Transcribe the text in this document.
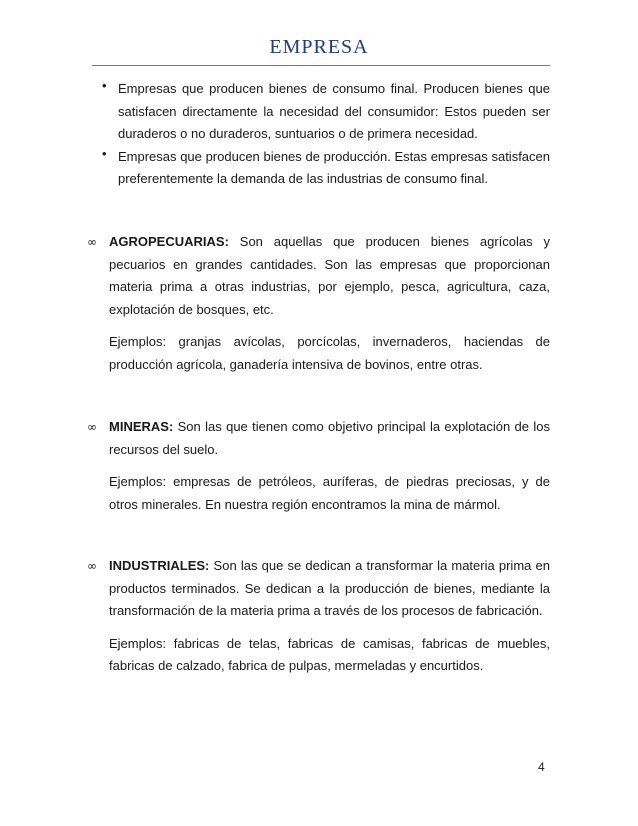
EMPRESA
• Empresas que producen bienes de consumo final. Producen bienes que satisfacen directamente la necesidad del consumidor: Estos pueden ser duraderos o no duraderos, suntuarios o de primera necesidad.
• Empresas que producen bienes de producción. Estas empresas satisfacen preferentemente la demanda de las industrias de consumo final.
∞ AGROPECUARIAS: Son aquellas que producen bienes agrícolas y pecuarios en grandes cantidades. Son las empresas que proporcionan materia prima a otras industrias, por ejemplo, pesca, agricultura, caza, explotación de bosques, etc.
Ejemplos: granjas avícolas, porcícolas, invernaderos, haciendas de producción agrícola, ganadería intensiva de bovinos, entre otras.
∞ MINERAS: Son las que tienen como objetivo principal la explotación de los recursos del suelo.
Ejemplos: empresas de petróleos, auríferas, de piedras preciosas, y de otros minerales. En nuestra región encontramos la mina de mármol.
∞ INDUSTRIALES: Son las que se dedican a transformar la materia prima en productos terminados. Se dedican a la producción de bienes, mediante la transformación de la materia prima a través de los procesos de fabricación.
Ejemplos: fabricas de telas, fabricas de camisas, fabricas de muebles, fabricas de calzado, fabrica de pulpas, mermeladas y encurtidos.
4
